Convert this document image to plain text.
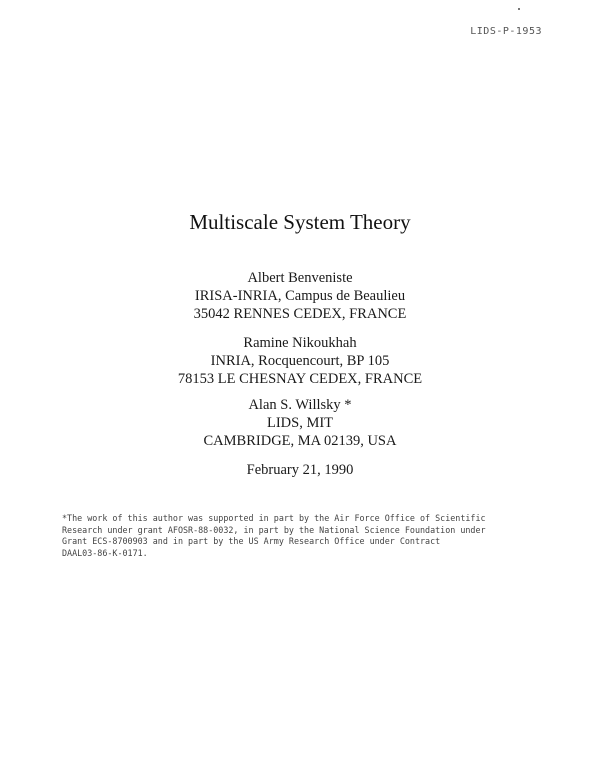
LIDS-P-1953
Multiscale System Theory
Albert Benveniste
IRISA-INRIA, Campus de Beaulieu
35042 RENNES CEDEX, FRANCE
Ramine Nikoukhah
INRIA, Rocquencourt, BP 105
78153 LE CHESNAY CEDEX, FRANCE
Alan S. Willsky *
LIDS, MIT
CAMBRIDGE, MA 02139, USA
February 21, 1990
*The work of this author was supported in part by the Air Force Office of Scientific
Research under grant AFOSR-88-0032, in part by the National Science Foundation under
Grant ECS-8700903 and in part by the US Army Research Office under Contract
DAAL03-86-K-0171.
